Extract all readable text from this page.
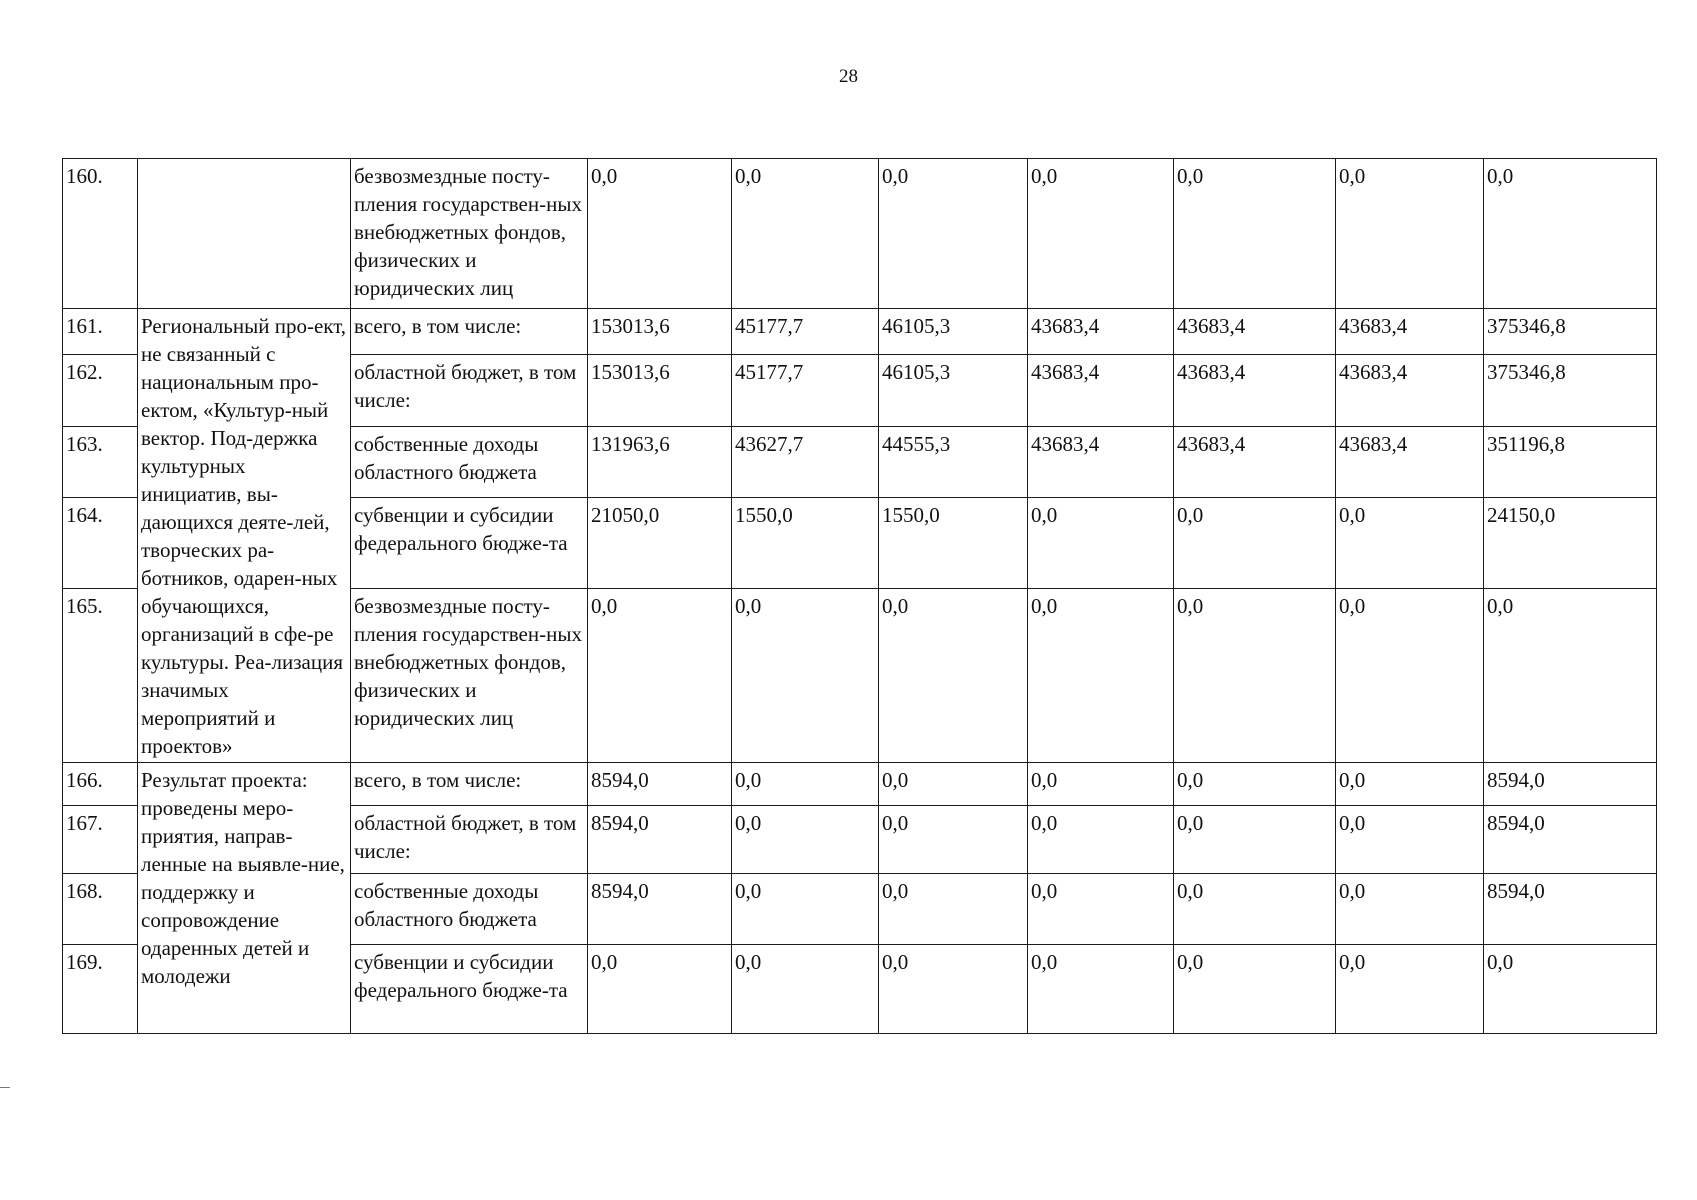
28
160.		безвозмездные посту-пления государствен-ных внебюджетных фондов, физических и юридических лиц	0,0	0,0	0,0	0,0	0,0	0,0	0,0
161.	Региональный про-ект, не связанный с национальным про-ектом, «Культур-ный вектор. Под-держка культурных инициатив, вы-дающихся деяте-лей, творческих ра-ботников, одарен-ных обучающихся, организаций в сфе-ре культуры. Реа-лизация значимых мероприятий и проектов»	всего, в том числе:	153013,6	45177,7	46105,3	43683,4	43683,4	43683,4	375346,8
162.		областной бюджет, в том числе:	153013,6	45177,7	46105,3	43683,4	43683,4	43683,4	375346,8
163.		собственные доходы областного бюджета	131963,6	43627,7	44555,3	43683,4	43683,4	43683,4	351196,8
164.		субвенции и субсидии федерального бюдже-та	21050,0	1550,0	1550,0	0,0	0,0	0,0	24150,0
165.		безвозмездные посту-пления государствен-ных внебюджетных фондов, физических и юридических лиц	0,0	0,0	0,0	0,0	0,0	0,0	0,0
166.	Результат проекта: проведены меро-приятия, направ-ленные на выявле-ние, поддержку и сопровождение одаренных детей и молодежи	всего, в том числе:	8594,0	0,0	0,0	0,0	0,0	0,0	8594,0
167.		областной бюджет, в том числе:	8594,0	0,0	0,0	0,0	0,0	0,0	8594,0
168.		собственные доходы областного бюджета	8594,0	0,0	0,0	0,0	0,0	0,0	8594,0
169.		субвенции и субсидии федерального бюдже-та	0,0	0,0	0,0	0,0	0,0	0,0	0,0
